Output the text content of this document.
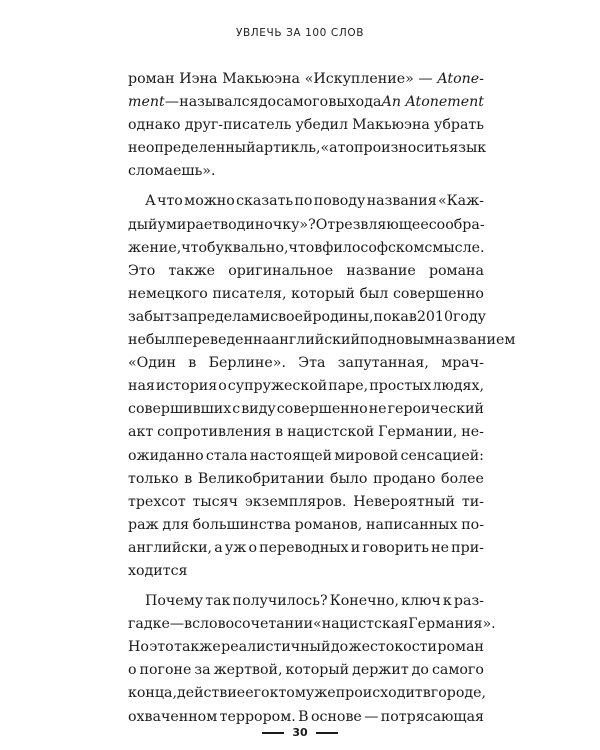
УВЛЕЧЬ ЗА 100 СЛОВ
роман Иэна Макьюэна «Искупление» — Atone-
ment — назывался до самого выхода An Atonement
однако друг-писатель убедил Макьюэна убрать
неопределенный артикль, «а то произносить язык
сломаешь».
А что можно сказать по поводу названия «Каж-
дый умирает в одиночку»? Отрезвляющее сообра-
жение, что буквально, что в философском смысле.
Это также оригинальное название романа
немецкого писателя, который был совершенно
забыт за пределами своей родины, пока в 2010 году
не был переведен на английский под новым названием
«Один в Берлине». Эта запутанная, мрач-
ная история о супружеской паре, простых людях,
совершивших с виду совершенно не героический
акт сопротивления в нацистской Германии, не-
ожиданно стала настоящей мировой сенсацией:
только в Великобритании было продано более
трехсот тысяч экземпляров. Невероятный ти-
раж для большинства романов, написанных по-
английски, а уж о переводных и говорить не при-
ходится
Почему так получилось? Конечно, ключ к раз-
гадке — в словосочетании «нацистская Германия».
Но это также реалистичный до жестокости роман
о погоне за жертвой, который держит до самого
конца, действие его к тому же происходит в городе,
охваченном террором. В основе — потрясающая
30
